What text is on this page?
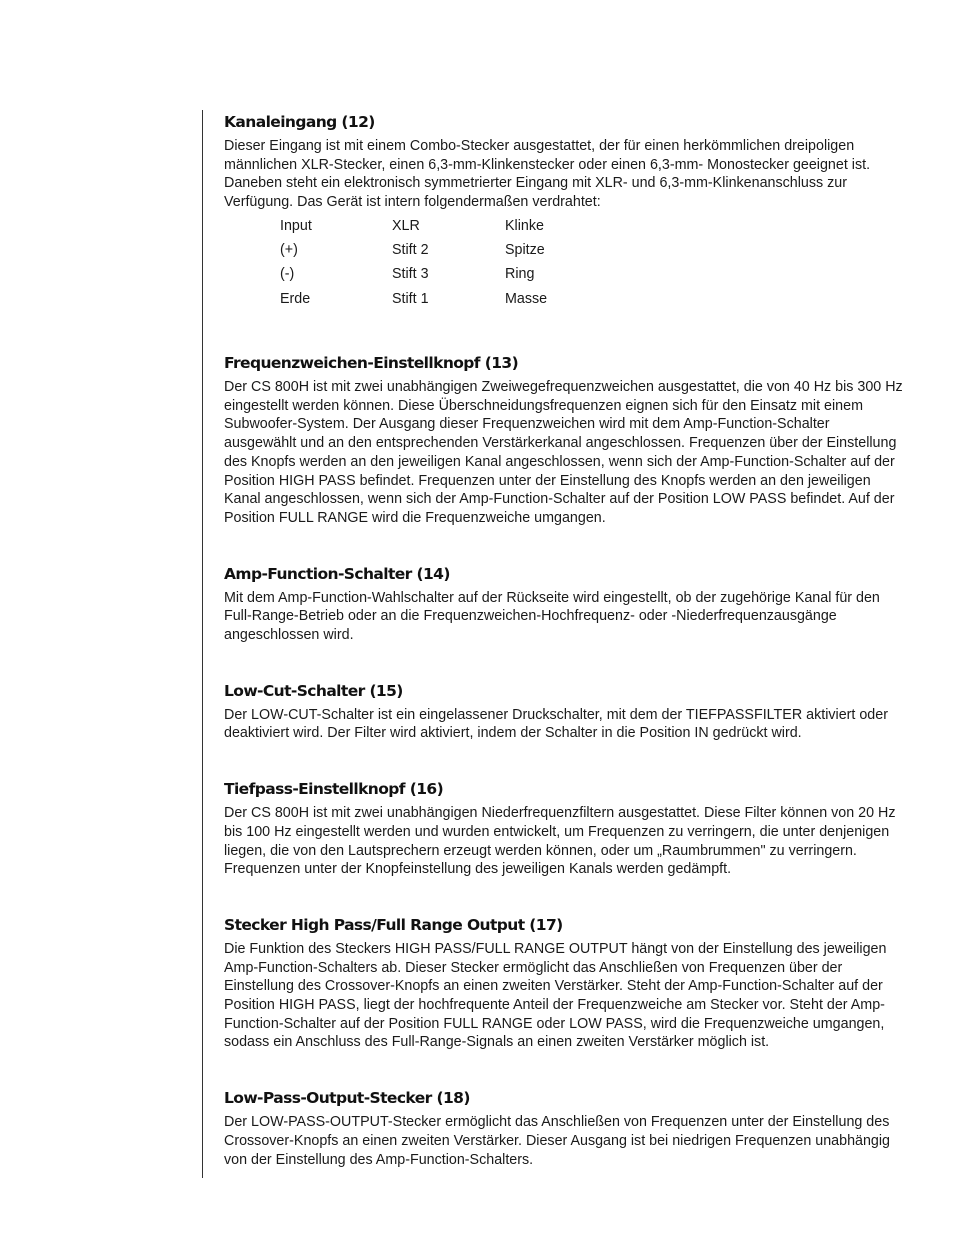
Kanaleingang (12)

Dieser Eingang ist mit einem Combo-Stecker ausgestattet, der für einen herkömmlichen dreipoligen männlichen XLR-Stecker, einen 6,3-mm-Klinkenstecker oder einen 6,3-mm- Monostecker geeignet ist. Daneben steht ein elektronisch symmetrierter Eingang mit XLR- und 6,3-mm-Klinkenanschluss zur Verfügung. Das Gerät ist intern folgendermaßen verdrahtet:

Input	XLR	Klinke
(+)	Stift 2	Spitze
(-)	Stift 3	Ring
Erde	Stift 1	Masse
Frequenzweichen-Einstellknopf (13)

Der CS 800H ist mit zwei unabhängigen Zweiwegefrequenzweichen ausgestattet, die von 40 Hz bis 300 Hz eingestellt werden können. Diese Überschneidungsfrequenzen eignen sich für den Einsatz mit einem Subwoofer-System. Der Ausgang dieser Frequenzweichen wird mit dem Amp-Function-Schalter ausgewählt und an den entsprechenden Verstärkerkanal angeschlossen. Frequenzen über der Einstellung des Knopfs werden an den jeweiligen Kanal angeschlossen, wenn sich der Amp-Function-Schalter auf der Position HIGH PASS befindet. Frequenzen unter der Einstellung des Knopfs werden an den jeweiligen Kanal angeschlossen, wenn sich der Amp-Function-Schalter auf der Position LOW PASS befindet. Auf der Position FULL RANGE wird die Frequenzweiche umgangen.

Amp-Function-Schalter (14)

Mit dem Amp-Function-Wahlschalter auf der Rückseite wird eingestellt, ob der zugehörige Kanal für den Full-Range-Betrieb oder an die Frequenzweichen-Hochfrequenz- oder -Niederfrequenzausgänge angeschlossen wird.

Low-Cut-Schalter (15)

Der LOW-CUT-Schalter ist ein eingelassener Druckschalter, mit dem der TIEFPASSFILTER aktiviert oder deaktiviert wird. Der Filter wird aktiviert, indem der Schalter in die Position IN gedrückt wird.

Tiefpass-Einstellknopf (16)

Der CS 800H ist mit zwei unabhängigen Niederfrequenzfiltern ausgestattet. Diese Filter können von 20 Hz bis 100 Hz eingestellt werden und wurden entwickelt, um Frequenzen zu verringern, die unter denjenigen liegen, die von den Lautsprechern erzeugt werden können, oder um „Raumbrummen" zu verringern. Frequenzen unter der Knopfeinstellung des jeweiligen Kanals werden gedämpft.

Stecker High Pass/Full Range Output (17)

Die Funktion des Steckers HIGH PASS/FULL RANGE OUTPUT hängt von der Einstellung des jeweiligen Amp-Function-Schalters ab. Dieser Stecker ermöglicht das Anschließen von Frequenzen über der Einstellung des Crossover-Knopfs an einen zweiten Verstärker. Steht der Amp-Function-Schalter auf der Position HIGH PASS, liegt der hochfrequente Anteil der Frequenzweiche am Stecker vor. Steht der Amp-Function-Schalter auf der Position FULL RANGE oder LOW PASS, wird die Frequenzweiche umgangen, sodass ein Anschluss des Full-Range-Signals an einen zweiten Verstärker möglich ist.

Low-Pass-Output-Stecker (18)

Der LOW-PASS-OUTPUT-Stecker ermöglicht das Anschließen von Frequenzen unter der Einstellung des Crossover-Knopfs an einen zweiten Verstärker. Dieser Ausgang ist bei niedrigen Frequenzen unabhängig von der Einstellung des Amp-Function-Schalters.
